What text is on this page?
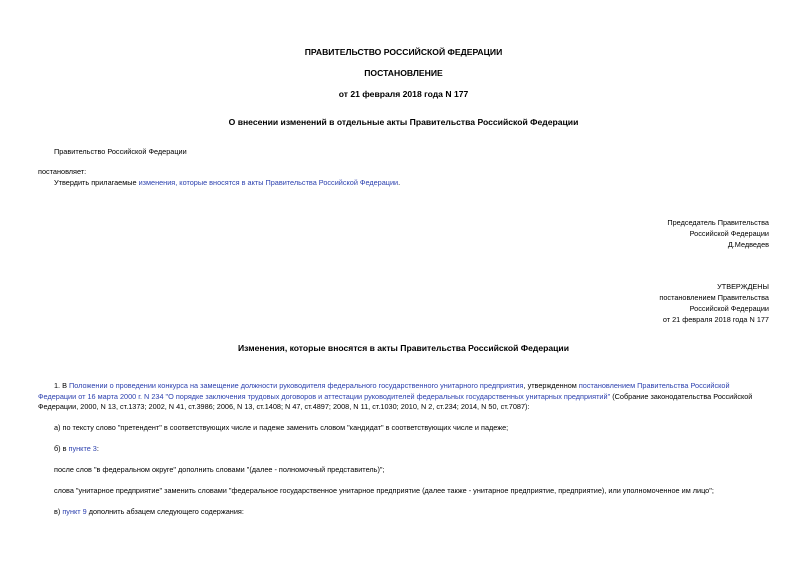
ПРАВИТЕЛЬСТВО РОССИЙСКОЙ ФЕДЕРАЦИИ
ПОСТАНОВЛЕНИЕ
от 21 февраля 2018 года N 177
О внесении изменений в отдельные акты Правительства Российской Федерации
Правительство Российской Федерации
постановляет:
Утвердить прилагаемые изменения, которые вносятся в акты Правительства Российской Федерации.
Председатель Правительства
Российской Федерации
Д.Медведев
УТВЕРЖДЕНЫ
постановлением Правительства
Российской Федерации
от 21 февраля 2018 года N 177
Изменения, которые вносятся в акты Правительства Российской Федерации
1. В Положении о проведении конкурса на замещение должности руководителя федерального государственного унитарного предприятия, утвержденном постановлением Правительства Российской Федерации от 16 марта 2000 г. N 234 "О порядке заключения трудовых договоров и аттестации руководителей федеральных государственных унитарных предприятий" (Собрание законодательства Российской Федерации, 2000, N 13, ст.1373; 2002, N 41, ст.3986; 2006, N 13, ст.1408; N 47, ст.4897; 2008, N 11, ст.1030; 2010, N 2, ст.234; 2014, N 50, ст.7087):
а) по тексту слово "претендент" в соответствующих числе и падеже заменить словом "кандидат" в соответствующих числе и падеже;
б) в пункте 3:
после слов "в федеральном округе" дополнить словами "(далее - полномочный представитель)";
слова "унитарное предприятие" заменить словами "федеральное государственное унитарное предприятие (далее также - унитарное предприятие, предприятие), или уполномоченное им лицо";
в) пункт 9 дополнить абзацем следующего содержания:
